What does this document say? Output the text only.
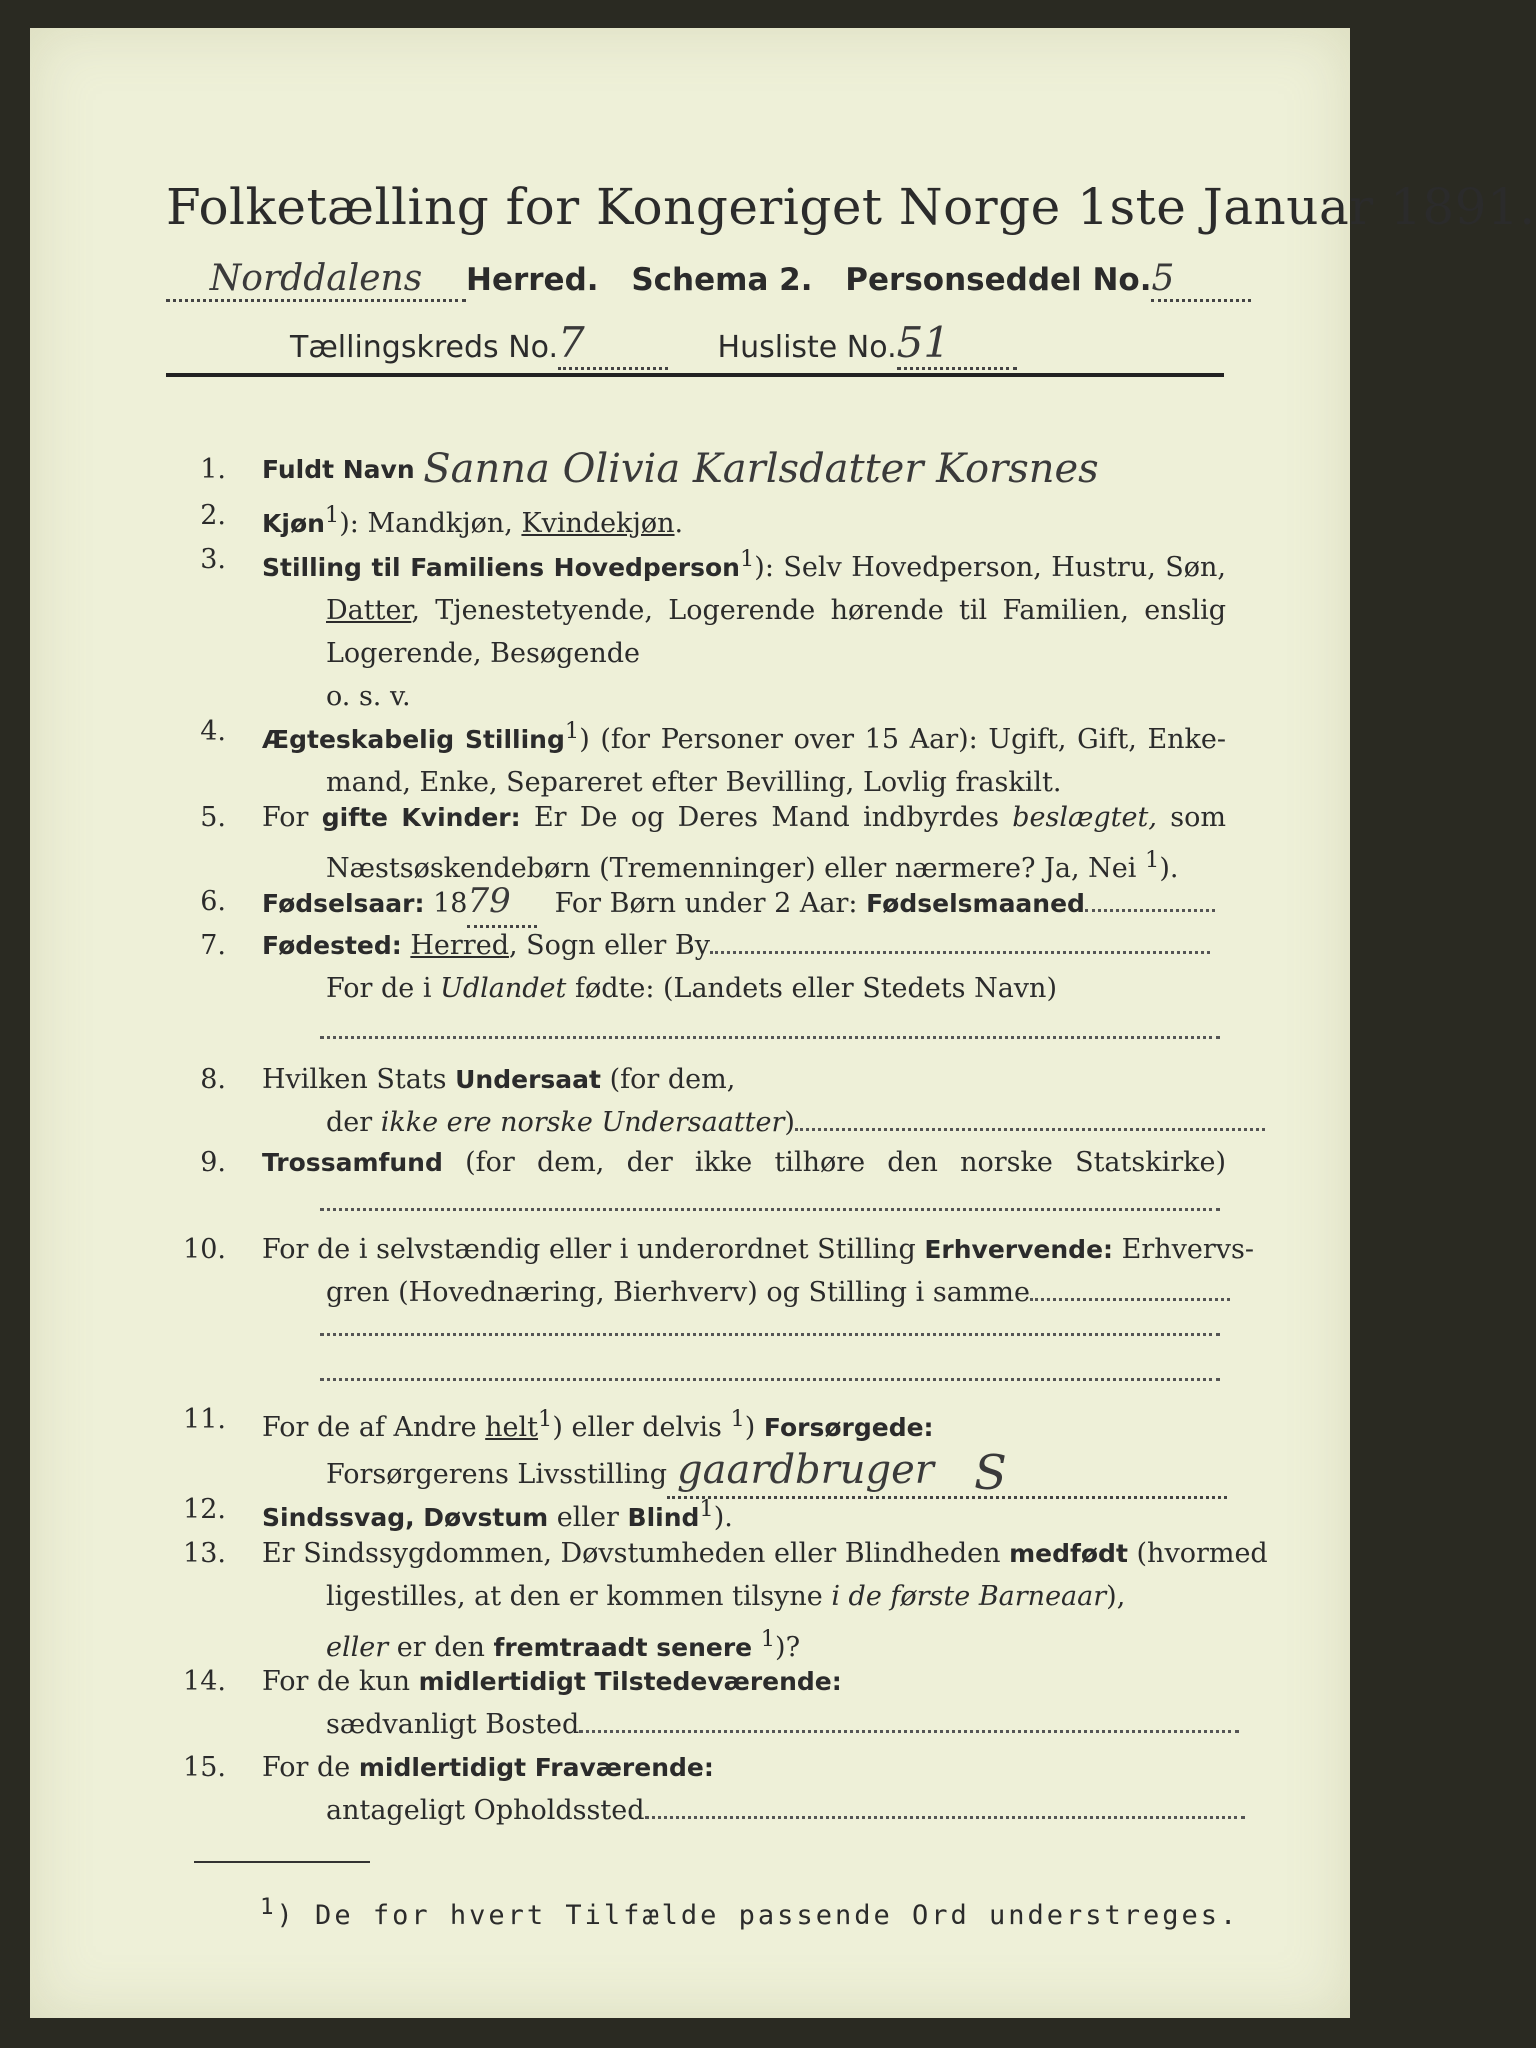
Folketælling for Kongeriget Norge 1ste Januar 1891.
Norddalens Herred. Schema 2. Personseddel No.5
Tællingskreds No.7	Husliste No.51
1. Fuldt Navn Sanna Olivia Karlsdatter Korsnes
2. Kjøn$^1$): Mandkjøn, Kvindekjøn.
3. Stilling til Familiens Hovedperson$^1$): Selv Hovedperson, Hustru, Søn,
Datter, Tjenestetyende, Logerende hørende til Familien, enslig
Logerende, Besøgende
o. s. v.
4. Ægteskabelig Stilling$^1$) (for Personer over 15 Aar): Ugift, Gift, Enke-
mand, Enke, Separeret efter Bevilling, Lovlig fraskilt.
5. For gifte Kvinder: Er De og Deres Mand indbyrdes beslægtet, som
Næstsøskendebørn (Tremenninger) eller nærmere? Ja, Nei $^1$).
6. Fødselsaar: 1879 For Børn under 2 Aar: Fødselsmaaned
7. Fødested: Herred, Sogn eller By
For de i Udlandet fødte: (Landets eller Stedets Navn)
8. Hvilken Stats Undersaat (for dem,
der ikke ere norske Undersaatter)
9. Trossamfund (for dem, der ikke tilhøre den norske Statskirke)
10. For de i selvstændig eller i underordnet Stilling Erhvervende: Erhvervs-
gren (Hovednæring, Bierhverv) og Stilling i samme
11. For de af Andre helt$^1$) eller delvis $^1$) Forsørgede:
Forsørgerens Livsstilling gaardbruger S
12. Sindssvag, Døvstum eller Blind$^1$).
13. Er Sindssygdommen, Døvstumheden eller Blindheden medfødt (hvormed
ligestilles, at den er kommen tilsyne i de første Barneaar),
eller er den fremtraadt senere $^1$)?
14. For de kun midlertidigt Tilstedeværende:
sædvanligt Bosted
15. For de midlertidigt Fraværende:
antageligt Opholdssted
$^1$) De for hvert Tilfælde passende Ord understreges.
